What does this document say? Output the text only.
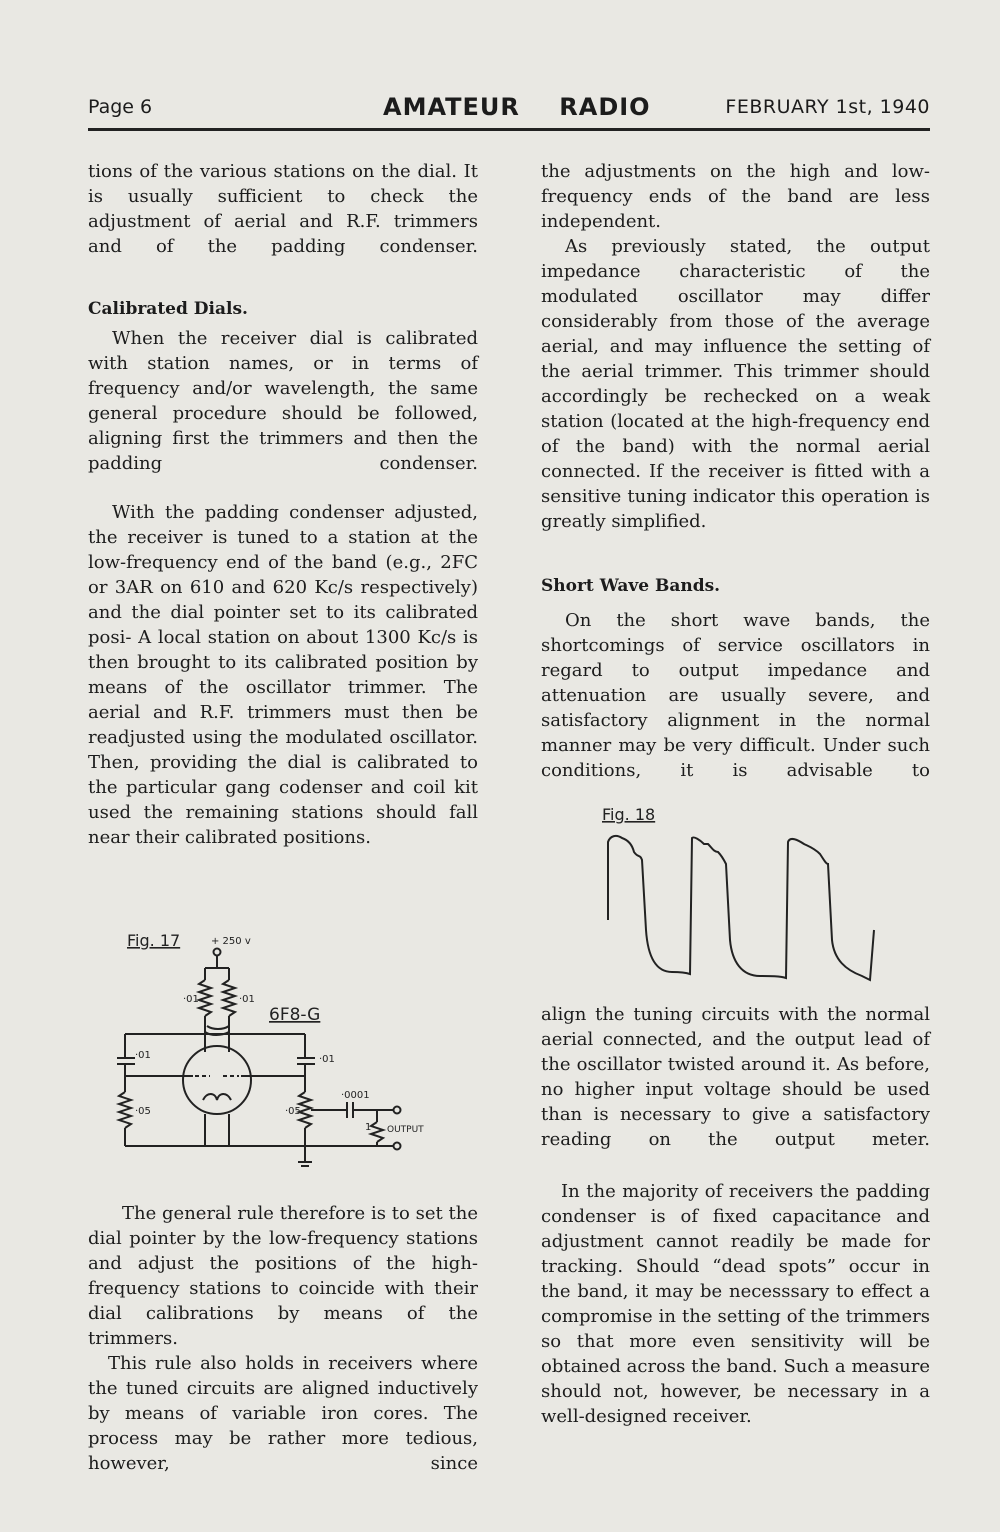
Page 6	AMATEUR RADIO	FEBRUARY 1st, 1940

tions of the various stations on the dial. It is usually sufficient to check the adjustment of aerial and R.F. trimmers and of the padding condenser.

Calibrated Dials.

When the receiver dial is calibrated with station names, or in terms of frequency and/or wavelength, the same general procedure should be followed, aligning first the trimmers and then the padding condenser.

With the padding condenser adjusted, the receiver is tuned to a station at the low-frequency end of the band (e.g., 2FC or 3AR on 610 and 620 Kc/s respectively) and the dial pointer set to its calibrated posi- A local station on about 1300 Kc/s is then brought to its calibrated position by means of the oscillator trimmer. The aerial and R.F. trimmers must then be readjusted using the modulated oscillator. Then, providing the dial is calibrated to the particular gang codenser and coil kit used the remaining stations should fall near their calibrated positions.

Fig. 17	+ 250 v
·01	·01
6F8-G
·01	·01
·05	·05
·0001
1 OUTPUT

The general rule therefore is to set the dial pointer by the low-frequency stations and adjust the positions of the high-frequency stations to coincide with their dial calibrations by means of the trimmers.

This rule also holds in receivers where the tuned circuits are aligned inductively by means of variable iron cores. The process may be rather more tedious, however, since

the adjustments on the high and low-frequency ends of the band are less independent.

As previously stated, the output impedance characteristic of the modulated oscillator may differ considerably from those of the average aerial, and may influence the setting of the aerial trimmer. This trimmer should accordingly be rechecked on a weak station (located at the high-frequency end of the band) with the normal aerial connected. If the receiver is fitted with a sensitive tuning indicator this operation is greatly simplified.

Short Wave Bands.

On the short wave bands, the shortcomings of service oscillators in regard to output impedance and attenuation are usually severe, and satisfactory alignment in the normal manner may be very difficult. Under such conditions, it is advisable to

Fig. 18

align the tuning circuits with the normal aerial connected, and the output lead of the oscillator twisted around it. As before, no higher input voltage should be used than is necessary to give a satisfactory reading on the output meter.

In the majority of receivers the padding condenser is of fixed capacitance and adjustment cannot readily be made for tracking. Should “dead spots” occur in the band, it may be necesssary to effect a compromise in the setting of the trimmers so that more even sensitivity will be obtained across the band. Such a measure should not, however, be necessary in a well-designed receiver.
